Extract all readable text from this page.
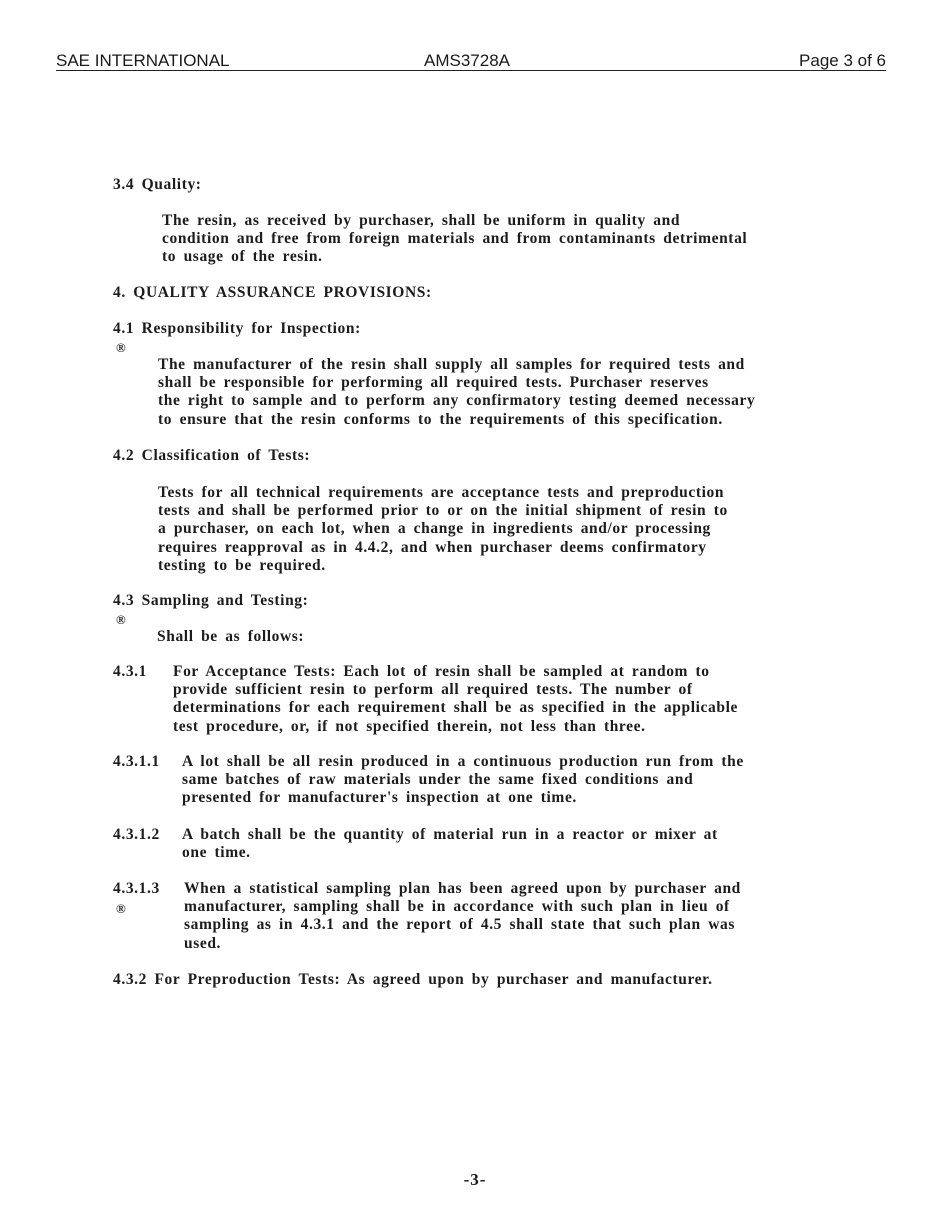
SAE INTERNATIONAL	AMS3728A	Page 3 of 6
3.4 Quality:
The resin, as received by purchaser, shall be uniform in quality and
condition and free from foreign materials and from contaminants detrimental
to usage of the resin.
4. QUALITY ASSURANCE PROVISIONS:
4.1 Responsibility for Inspection:
®
The manufacturer of the resin shall supply all samples for required tests and
shall be responsible for performing all required tests. Purchaser reserves
the right to sample and to perform any confirmatory testing deemed necessary
to ensure that the resin conforms to the requirements of this specification.
4.2 Classification of Tests:
Tests for all technical requirements are acceptance tests and preproduction
tests and shall be performed prior to or on the initial shipment of resin to
a purchaser, on each lot, when a change in ingredients and/or processing
requires reapproval as in 4.4.2, and when purchaser deems confirmatory
testing to be required.
4.3 Sampling and Testing:
®
Shall be as follows:
4.3.1 For Acceptance Tests: Each lot of resin shall be sampled at random to
provide sufficient resin to perform all required tests. The number of
determinations for each requirement shall be as specified in the applicable
test procedure, or, if not specified therein, not less than three.
4.3.1.1 A lot shall be all resin produced in a continuous production run from the
same batches of raw materials under the same fixed conditions and
presented for manufacturer's inspection at one time.
4.3.1.2 A batch shall be the quantity of material run in a reactor or mixer at
one time.
4.3.1.3
®
When a statistical sampling plan has been agreed upon by purchaser and
manufacturer, sampling shall be in accordance with such plan in lieu of
sampling as in 4.3.1 and the report of 4.5 shall state that such plan was
used.
4.3.2 For Preproduction Tests: As agreed upon by purchaser and manufacturer.
-3-
